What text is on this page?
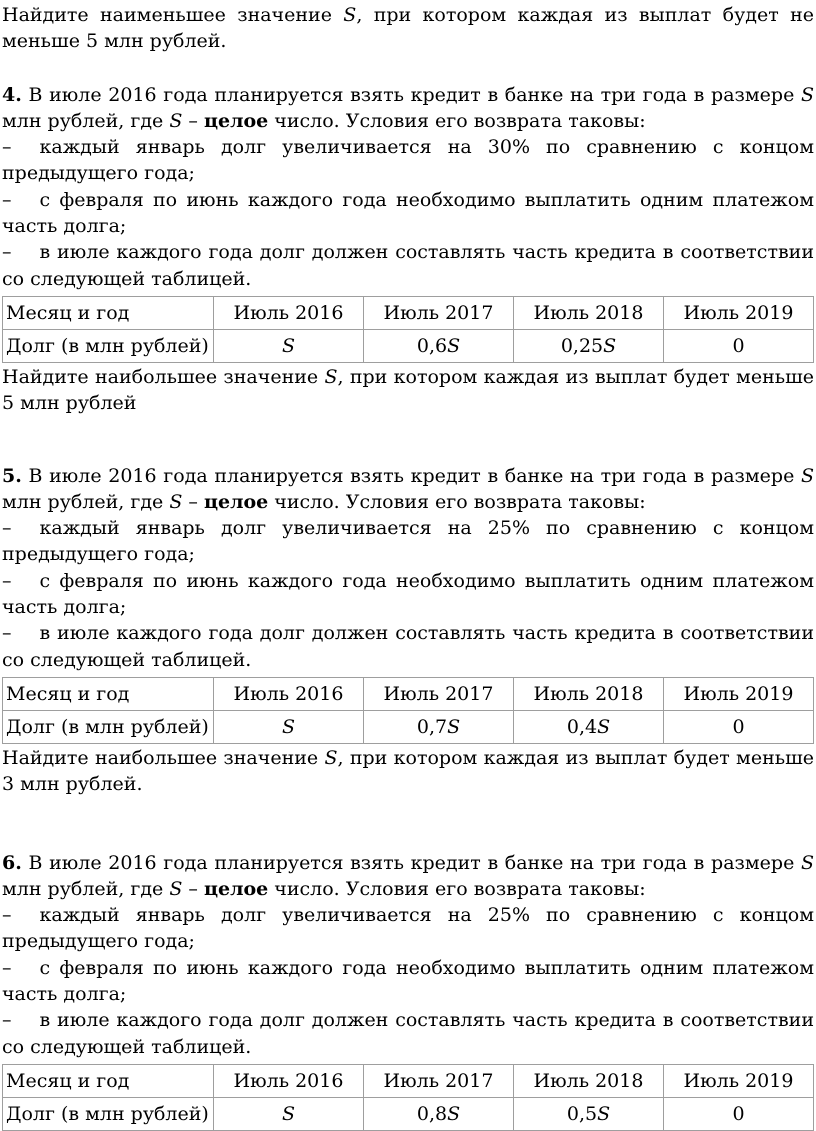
Найдите наименьшее значение S, при котором каждая из выплат будет не меньше 5 млн рублей.

4. В июле 2016 года планируется взять кредит в банке на три года в размере S млн рублей, где S – целое число. Условия его возврата таковы:

– каждый январь долг увеличивается на 30% по сравнению с концом предыдущего года;

– с февраля по июнь каждого года необходимо выплатить одним платежом часть долга;

– в июле каждого года долг должен составлять часть кредита в соответствии со следующей таблицей.

Месяц и год	Июль 2016	Июль 2017	Июль 2018	Июль 2019
Долг (в млн рублей)	S	0,6S	0,25S	0

Найдите наибольшее значение S, при котором каждая из выплат будет меньше 5 млн рублей

5. В июле 2016 года планируется взять кредит в банке на три года в размере S млн рублей, где S – целое число. Условия его возврата таковы:

– каждый январь долг увеличивается на 25% по сравнению с концом предыдущего года;

– с февраля по июнь каждого года необходимо выплатить одним платежом часть долга;

– в июле каждого года долг должен составлять часть кредита в соответствии со следующей таблицей.

Месяц и год	Июль 2016	Июль 2017	Июль 2018	Июль 2019
Долг (в млн рублей)	S	0,7S	0,4S	0

Найдите наибольшее значение S, при котором каждая из выплат будет меньше 3 млн рублей.

6. В июле 2016 года планируется взять кредит в банке на три года в размере S млн рублей, где S – целое число. Условия его возврата таковы:

– каждый январь долг увеличивается на 25% по сравнению с концом предыдущего года;

– с февраля по июнь каждого года необходимо выплатить одним платежом часть долга;

– в июле каждого года долг должен составлять часть кредита в соответствии со следующей таблицей.

Месяц и год	Июль 2016	Июль 2017	Июль 2018	Июль 2019
Долг (в млн рублей)	S	0,8S	0,5S	0
